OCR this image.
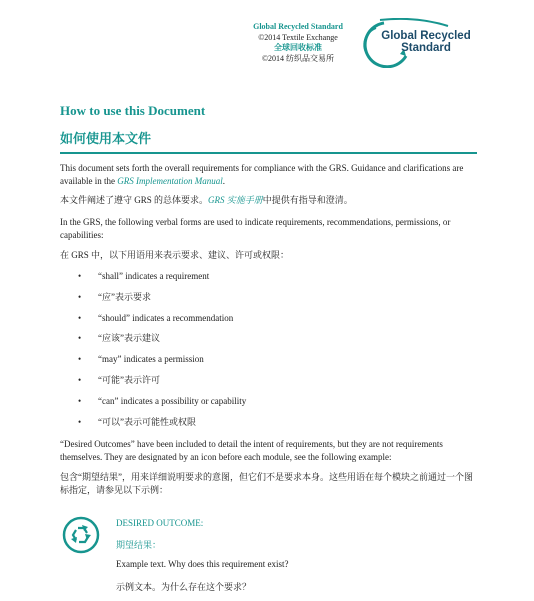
Global Recycled Standard
©2014 Textile Exchange
全球回收标准
©2014 纺织品交易所
Global Recycled
Standard
How to use this Document
如何使用本文件
This document sets forth the overall requirements for compliance with the GRS. Guidance and clarifications are available in the GRS Implementation Manual.
本文件阐述了遵守 GRS 的总体要求。GRS 实施手册中提供有指导和澄清。
In the GRS, the following verbal forms are used to indicate requirements, recommendations, permissions, or capabilities:
在 GRS 中，以下用语用来表示要求、建议、许可或权限：
• “shall” indicates a requirement
• “应”表示要求
• “should” indicates a recommendation
• “应该”表示建议
• “may” indicates a permission
• “可能”表示许可
• “can” indicates a possibility or capability
• “可以”表示可能性或权限
“Desired Outcomes” have been included to detail the intent of requirements, but they are not requirements themselves. They are designated by an icon before each module, see the following example:
包含“期望结果”，用来详细说明要求的意图，但它们不是要求本身。这些用语在每个模块之前通过一个图标指定，请参见以下示例：
DESIRED OUTCOME:
期望结果：
Example text. Why does this requirement exist?
示例文本。为什么存在这个要求？
